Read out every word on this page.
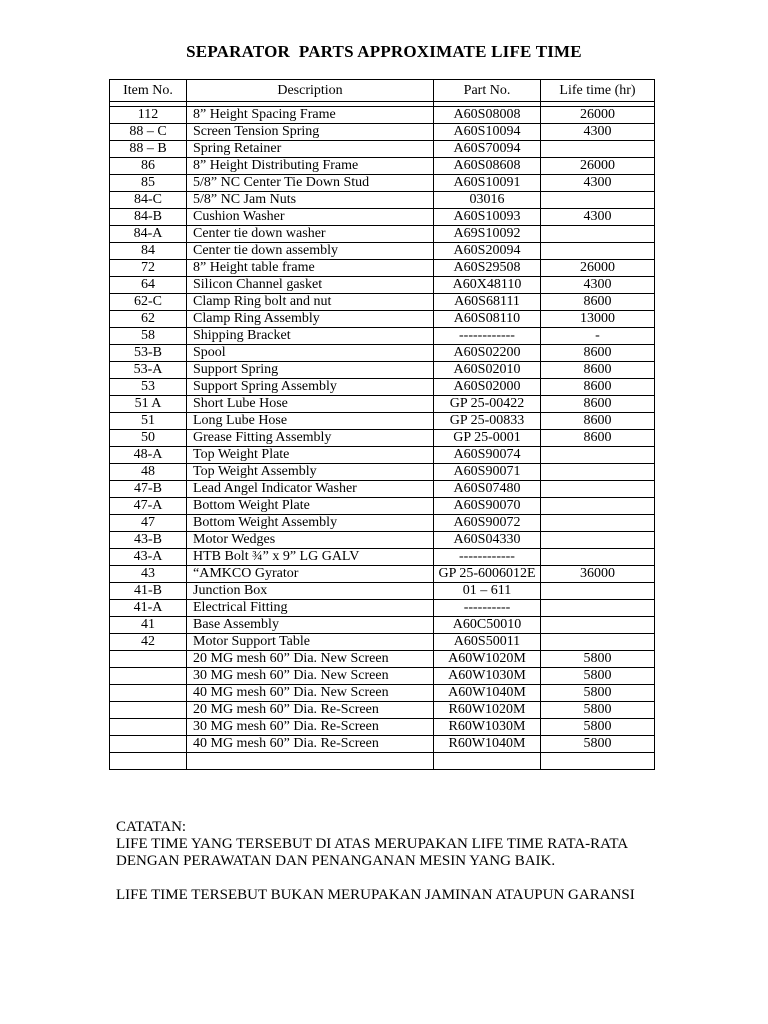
SEPARATOR  PARTS APPROXIMATE LIFE TIME
Item No.	Description	Part No.	Life time (hr)

112	8” Height Spacing Frame	A60S08008	26000
88 – C	Screen Tension Spring	A60S10094	4300
88 – B	Spring Retainer	A60S70094	
86	8” Height Distributing Frame	A60S08608	26000
85	5/8” NC Center Tie Down Stud	A60S10091	4300
84-C	5/8” NC Jam Nuts	03016	
84-B	Cushion Washer	A60S10093	4300
84-A	Center tie down washer	A69S10092	
84	Center tie down assembly	A60S20094	
72	8” Height table frame	A60S29508	26000
64	Silicon Channel gasket	A60X48110	4300
62-C	Clamp Ring bolt and nut	A60S68111	8600
62	Clamp Ring Assembly	A60S08110	13000
58	Shipping Bracket	------------	-
53-B	Spool	A60S02200	8600
53-A	Support Spring	A60S02010	8600
53	Support Spring Assembly	A60S02000	8600
51 A	Short Lube Hose	GP 25-00422	8600
51	Long Lube Hose	GP 25-00833	8600
50	Grease Fitting Assembly	GP 25-0001	8600
48-A	Top Weight Plate	A60S90074	
48	Top Weight Assembly	A60S90071	
47-B	Lead Angel Indicator Washer	A60S07480	
47-A	Bottom Weight Plate	A60S90070	
47	Bottom Weight Assembly	A60S90072	
43-B	Motor Wedges	A60S04330	
43-A	HTB Bolt ¾” x 9” LG GALV	------------	
43	“AMKCO Gyrator	GP 25-6006012E	36000
41-B	Junction Box	01 – 611	
41-A	Electrical Fitting	----------	
41	Base Assembly	A60C50010	
42	Motor Support Table	A60S50011	
	20 MG mesh 60” Dia. New Screen	A60W1020M	5800
	30 MG mesh 60” Dia. New Screen	A60W1030M	5800
	40 MG mesh 60” Dia. New Screen	A60W1040M	5800
	20 MG mesh 60” Dia. Re-Screen	R60W1020M	5800
	30 MG mesh 60” Dia. Re-Screen	R60W1030M	5800
	40 MG mesh 60” Dia. Re-Screen	R60W1040M	5800

CATATAN:
LIFE TIME YANG TERSEBUT DI ATAS MERUPAKAN LIFE TIME RATA-RATA
DENGAN PERAWATAN DAN PENANGANAN MESIN YANG BAIK.
LIFE TIME TERSEBUT BUKAN MERUPAKAN JAMINAN ATAUPUN GARANSI
